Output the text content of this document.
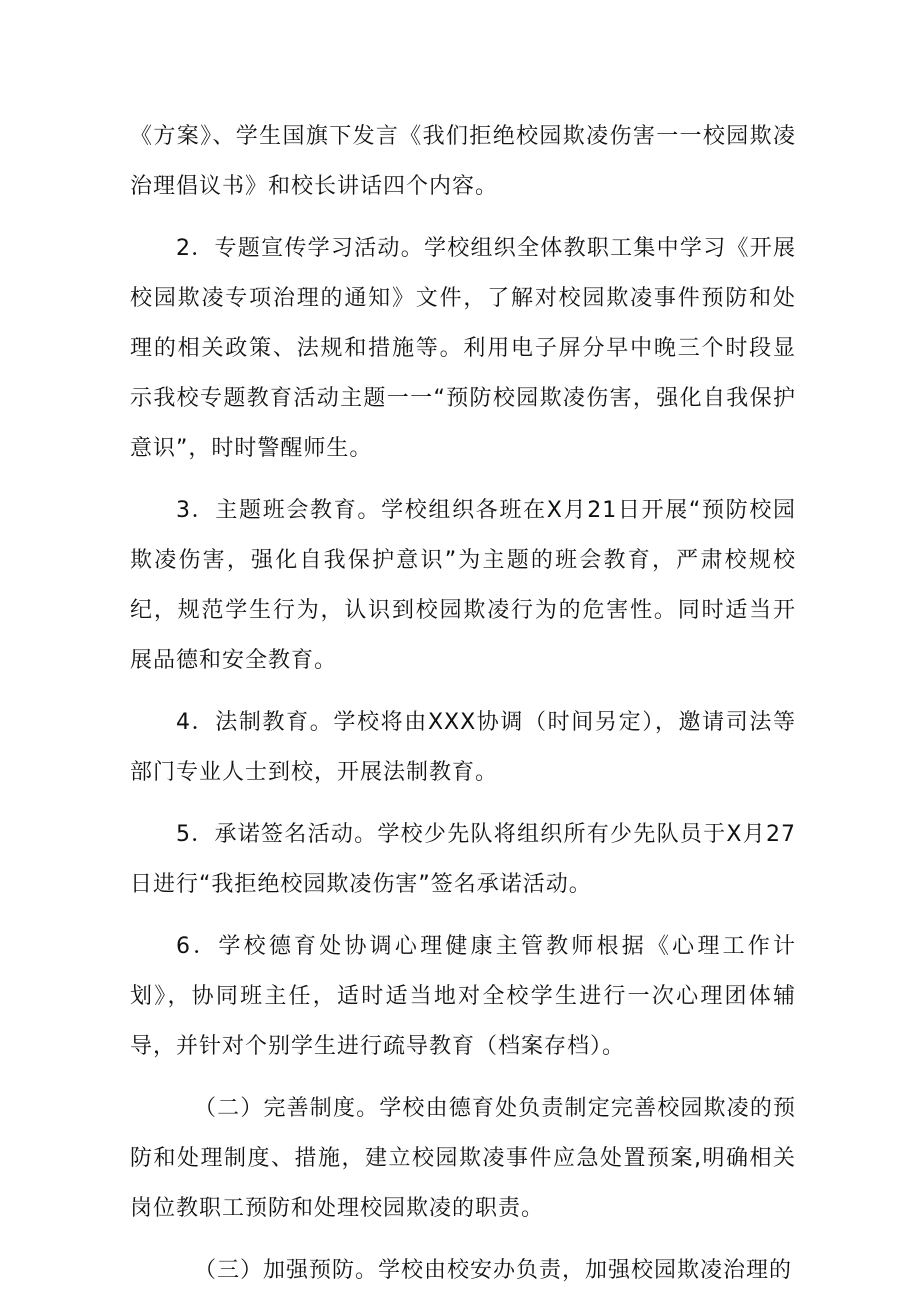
《方案》、学生国旗下发言《我们拒绝校园欺凌伤害一一校园欺凌治理倡议书》和校长讲话四个内容。

2．专题宣传学习活动。学校组织全体教职工集中学习《开展校园欺凌专项治理的通知》文件，了解对校园欺凌事件预防和处理的相关政策、法规和措施等。利用电子屏分早中晚三个时段显示我校专题教育活动主题一一“预防校园欺凌伤害，强化自我保护意识”，时时警醒师生。

3．主题班会教育。学校组织各班在X月21日开展“预防校园欺凌伤害，强化自我保护意识”为主题的班会教育，严肃校规校纪，规范学生行为，认识到校园欺凌行为的危害性。同时适当开展品德和安全教育。

4．法制教育。学校将由XXX协调（时间另定），邀请司法等部门专业人士到校，开展法制教育。

5．承诺签名活动。学校少先队将组织所有少先队员于X月27日进行“我拒绝校园欺凌伤害”签名承诺活动。

6．学校德育处协调心理健康主管教师根据《心理工作计划》，协同班主任，适时适当地对全校学生进行一次心理团体辅导，并针对个别学生进行疏导教育（档案存档）。

（二）完善制度。学校由德育处负责制定完善校园欺凌的预防和处理制度、措施，建立校园欺凌事件应急处置预案,明确相关岗位教职工预防和处理校园欺凌的职责。

（三）加强预防。学校由校安办负责，加强校园欺凌治理的
